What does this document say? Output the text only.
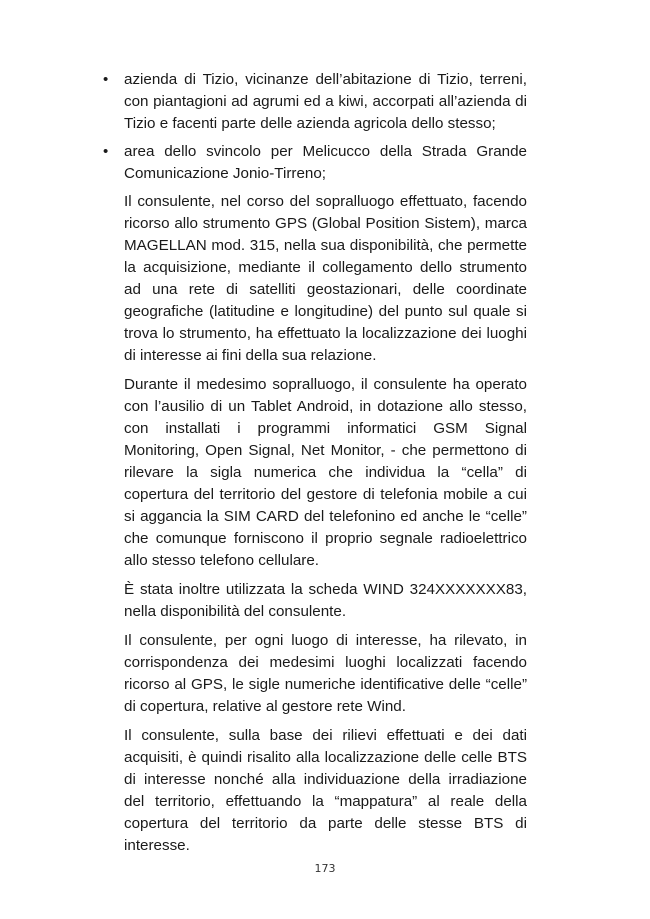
• azienda di Tizio, vicinanze dell’abitazione di Tizio, terreni, con piantagioni ad agrumi ed a kiwi, accorpati all’azienda di Tizio e facenti parte delle azienda agricola dello stesso;
• area dello svincolo per Melicucco della Strada Grande Comunicazione Jonio-Tirreno;

Il consulente, nel corso del sopralluogo effettuato, facendo ricorso allo strumento GPS (Global Position Sistem), marca MAGELLAN mod. 315, nella sua disponibilità, che permette la acquisizione, mediante il collegamento dello strumento ad una rete di satelliti geostazionari, delle coordinate geografiche (latitudine e longitudine) del punto sul quale si trova lo strumento, ha effettuato la localizzazione dei luoghi di interesse ai fini della sua relazione.

Durante il medesimo sopralluogo, il consulente ha operato con l’ausilio di un Tablet Android, in dotazione allo stesso, con installati i programmi informatici GSM Signal Monitoring, Open Signal, Net Monitor, - che permettono di rilevare la sigla numerica che individua la “cella” di copertura del territorio del gestore di telefonia mobile a cui si aggancia la SIM CARD del telefonino ed anche le “celle” che comunque forniscono il proprio segnale radioelettrico allo stesso telefono cellulare.

È stata inoltre utilizzata la scheda WIND 324XXXXXXX83, nella disponibilità del consulente.

Il consulente, per ogni luogo di interesse, ha rilevato, in corrispondenza dei medesimi luoghi localizzati facendo ricorso al GPS, le sigle numeriche identificative delle “celle” di copertura, relative al gestore rete Wind.

Il consulente, sulla base dei rilievi effettuati e dei dati acquisiti, è quindi risalito alla localizzazione delle celle BTS di interesse nonché alla individuazione della irradiazione del territorio, effettuando la “mappatura” al reale della copertura del territorio da parte delle stesse BTS di interesse.

173
